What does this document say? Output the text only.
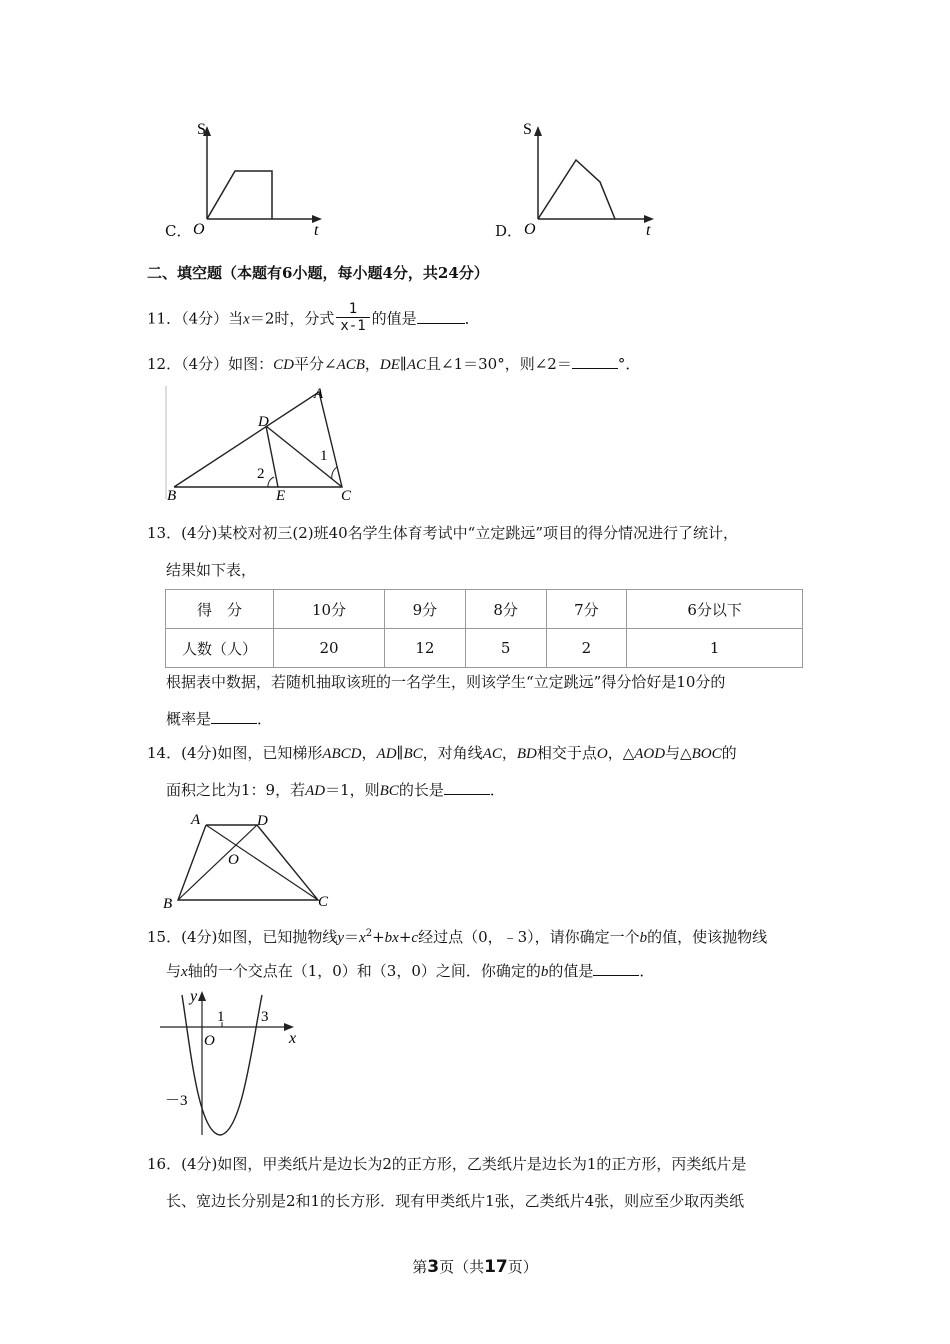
S
t
O
C．
S
t
O
D．
二、填空题（本题有6小题，每小题4分，共24分）
11．（4分）当x＝2时，分式 $\frac{1}{x-1}$ 的值是	．
12．（4分）如图：CD平分∠ACB，DE∥AC且∠1＝30°，则∠2＝	°．
A
B	C
D
E
1
2
13．(4分)某校对初三(2)班40名学生体育考试中“立定跳远”项目的得分情况进行了统计，
结果如下表，
得　分	10分	9分	8分	7分	6分以下
人数（人）	20	12	5	2	1
根据表中数据，若随机抽取该班的一名学生，则该学生“立定跳远”得分恰好是10分的
概率是	．
14．(4分)如图，已知梯形ABCD，AD∥BC，对角线AC，BD相交于点O，△AOD与△BOC的
面积之比为1：9，若AD＝1，则BC的长是	．
A	D
O
B	C
15．(4分)如图，已知抛物线$y=x^2+bx+c$经过点（0，﹣3），请你确定一个b的值，使该抛物线
与x轴的一个交点在（1，0）和（3，0）之间．你确定的b的值是	．
y
x
O
1 3
－3
16．(4分)如图，甲类纸片是边长为2的正方形，乙类纸片是边长为1的正方形，丙类纸片是
长、宽边长分别是2和1的长方形．现有甲类纸片1张，乙类纸片4张，则应至少取丙类纸
第3页（共17页）
